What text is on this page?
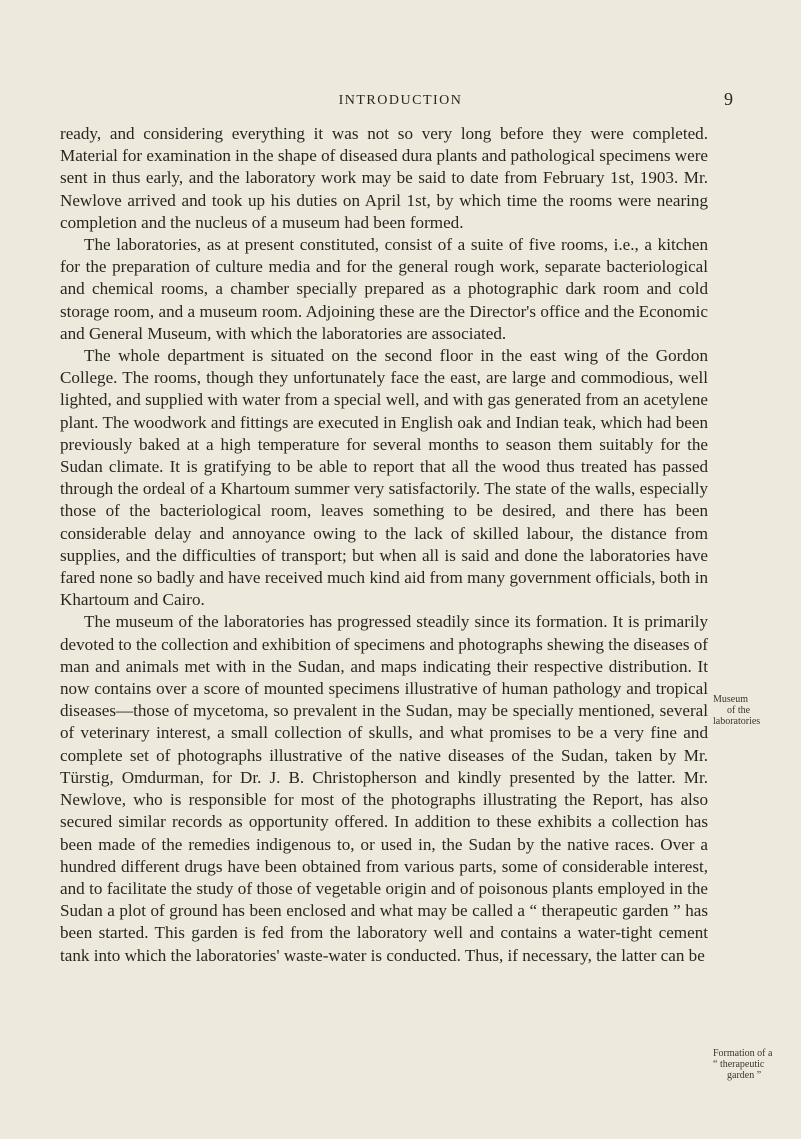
INTRODUCTION	9

ready, and considering everything it was not so very long before they were completed. Material for examination in the shape of diseased dura plants and pathological specimens were sent in thus early, and the laboratory work may be said to date from February 1st, 1903. Mr. Newlove arrived and took up his duties on April 1st, by which time the rooms were nearing completion and the nucleus of a museum had been formed.

The laboratories, as at present constituted, consist of a suite of five rooms, i.e., a kitchen for the preparation of culture media and for the general rough work, separate bacteriological and chemical rooms, a chamber specially prepared as a photographic dark room and cold storage room, and a museum room. Adjoining these are the Director's office and the Economic and General Museum, with which the laboratories are associated.

The whole department is situated on the second floor in the east wing of the Gordon College. The rooms, though they unfortunately face the east, are large and commodious, well lighted, and supplied with water from a special well, and with gas generated from an acetylene plant. The woodwork and fittings are executed in English oak and Indian teak, which had been previously baked at a high temperature for several months to season them suitably for the Sudan climate. It is gratifying to be able to report that all the wood thus treated has passed through the ordeal of a Khartoum summer very satisfactorily. The state of the walls, especially those of the bacteriological room, leaves something to be desired, and there has been considerable delay and annoyance owing to the lack of skilled labour, the distance from supplies, and the difficulties of transport; but when all is said and done the laboratories have fared none so badly and have received much kind aid from many government officials, both in Khartoum and Cairo.

The museum of the laboratories has progressed steadily since its formation. It is primarily devoted to the collection and exhibition of specimens and photographs shewing the diseases of man and animals met with in the Sudan, and maps indicating their respective distribution. It now contains over a score of mounted specimens illustrative of human pathology and tropical diseases—those of mycetoma, so prevalent in the Sudan, may be specially mentioned, several of veterinary interest, a small collection of skulls, and what promises to be a very fine and complete set of photographs illustrative of the native diseases of the Sudan, taken by Mr. Türstig, Omdurman, for Dr. J. B. Christopherson and kindly presented by the latter. Mr. Newlove, who is responsible for most of the photographs illustrating the Report, has also secured similar records as opportunity offered. In addition to these exhibits a collection has been made of the remedies indigenous to, or used in, the Sudan by the native races. Over a hundred different drugs have been obtained from various parts, some of considerable interest, and to facilitate the study of those of vegetable origin and of poisonous plants employed in the Sudan a plot of ground has been enclosed and what may be called a “ therapeutic garden ” has been started. This garden is fed from the laboratory well and contains a water-tight cement tank into which the laboratories' waste-water is conducted. Thus, if necessary, the latter can be

Museum

of the
laboratories
Formation of a
“ therapeutic

garden ”
